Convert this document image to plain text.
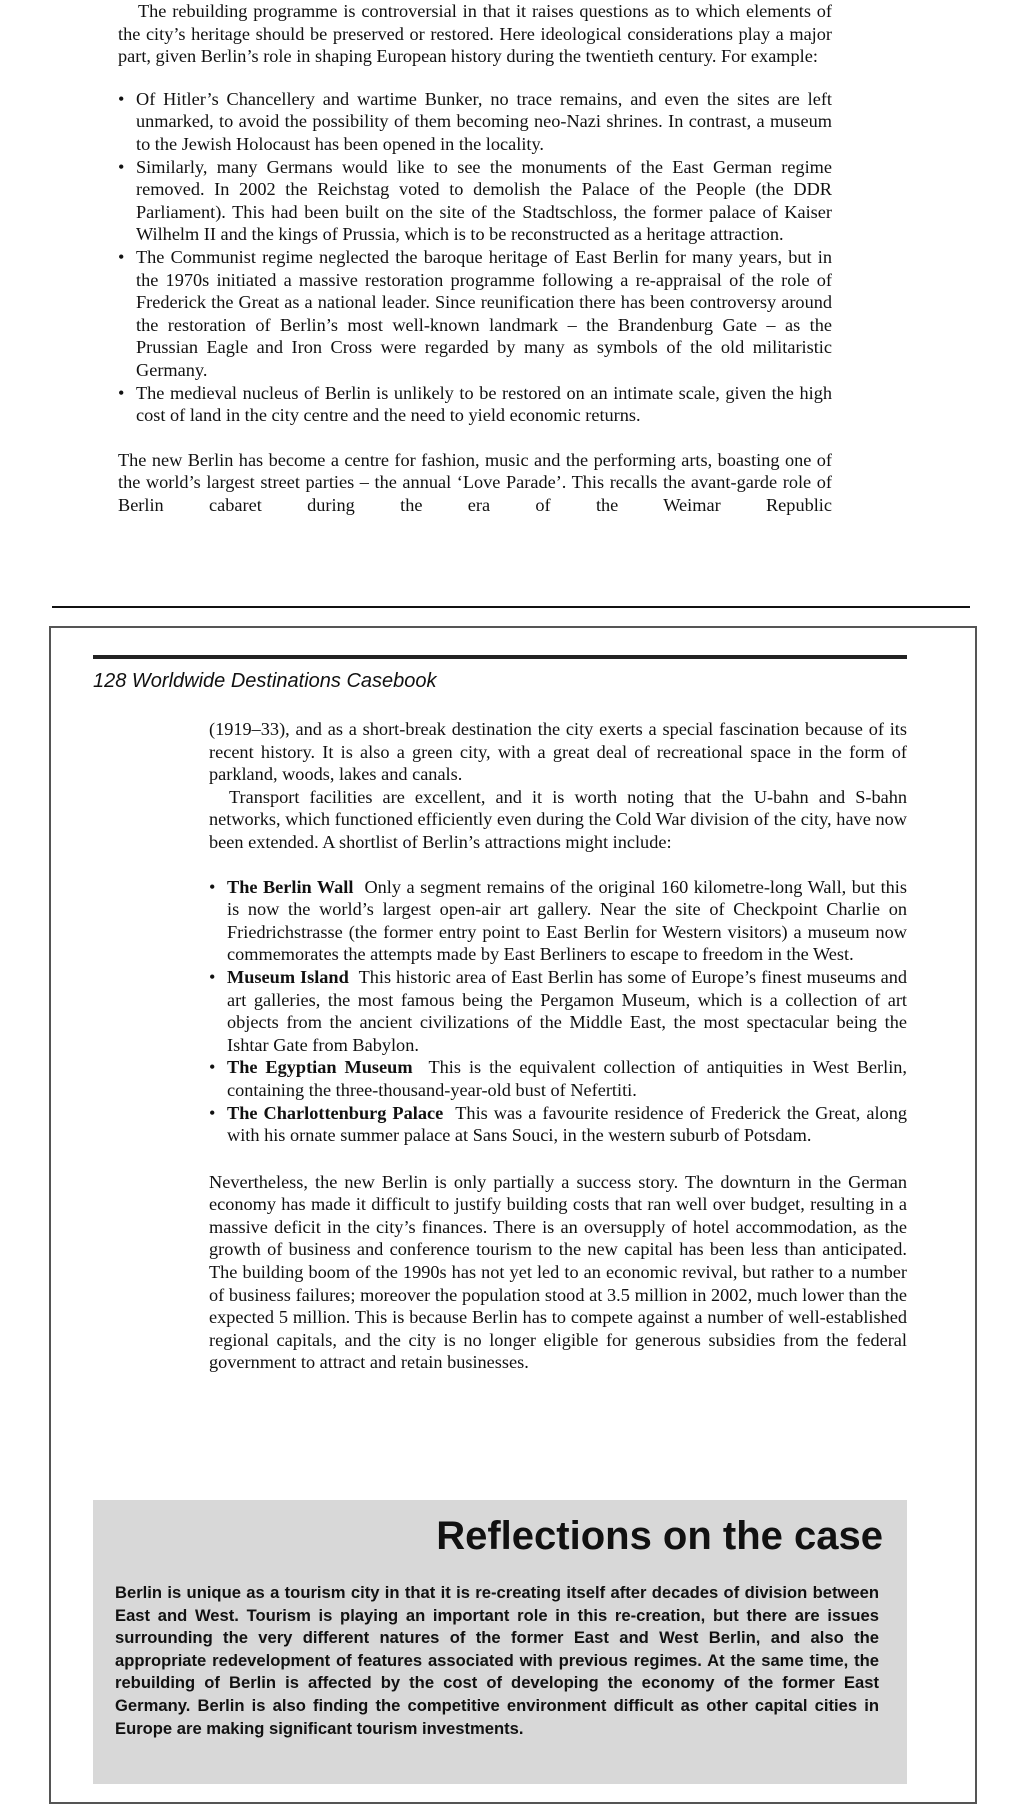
The rebuilding programme is controversial in that it raises questions as to which elements of the city’s heritage should be preserved or restored. Here ideological considerations play a major part, given Berlin’s role in shaping European history during the twentieth century. For example:

• Of Hitler’s Chancellery and wartime Bunker, no trace remains, and even the sites are left unmarked, to avoid the possibility of them becoming neo-Nazi shrines. In contrast, a museum to the Jewish Holocaust has been opened in the locality.
• Similarly, many Germans would like to see the monuments of the East German regime removed. In 2002 the Reichstag voted to demolish the Palace of the People (the DDR Parliament). This had been built on the site of the Stadtschloss, the former palace of Kaiser Wilhelm II and the kings of Prussia, which is to be reconstructed as a heritage attraction.
• The Communist regime neglected the baroque heritage of East Berlin for many years, but in the 1970s initiated a massive restoration programme following a re-appraisal of the role of Frederick the Great as a national leader. Since reunification there has been controversy around the restoration of Berlin’s most well-known landmark – the Brandenburg Gate – as the Prussian Eagle and Iron Cross were regarded by many as symbols of the old militaristic Germany.
• The medieval nucleus of Berlin is unlikely to be restored on an intimate scale, given the high cost of land in the city centre and the need to yield economic returns.

The new Berlin has become a centre for fashion, music and the performing arts, boasting one of the world’s largest street parties – the annual ‘Love Parade’. This recalls the avant-garde role of Berlin cabaret during the era of the Weimar Republic

128 Worldwide Destinations Casebook

(1919–33), and as a short-break destination the city exerts a special fascination because of its recent history. It is also a green city, with a great deal of recreational space in the form of parkland, woods, lakes and canals.

Transport facilities are excellent, and it is worth noting that the U-bahn and S-bahn networks, which functioned efficiently even during the Cold War division of the city, have now been extended. A shortlist of Berlin’s attractions might include:

• The Berlin Wall Only a segment remains of the original 160 kilometre-long Wall, but this is now the world’s largest open-air art gallery. Near the site of Checkpoint Charlie on Friedrichstrasse (the former entry point to East Berlin for Western visitors) a museum now commemorates the attempts made by East Berliners to escape to freedom in the West.
• Museum Island This historic area of East Berlin has some of Europe’s finest museums and art galleries, the most famous being the Pergamon Museum, which is a collection of art objects from the ancient civilizations of the Middle East, the most spectacular being the Ishtar Gate from Babylon.
• The Egyptian Museum This is the equivalent collection of antiquities in West Berlin, containing the three-thousand-year-old bust of Nefertiti.
• The Charlottenburg Palace This was a favourite residence of Frederick the Great, along with his ornate summer palace at Sans Souci, in the western suburb of Potsdam.

Nevertheless, the new Berlin is only partially a success story. The downturn in the German economy has made it difficult to justify building costs that ran well over budget, resulting in a massive deficit in the city’s finances. There is an oversupply of hotel accommodation, as the growth of business and conference tourism to the new capital has been less than anticipated. The building boom of the 1990s has not yet led to an economic revival, but rather to a number of business failures; moreover the population stood at 3.5 million in 2002, much lower than the expected 5 million. This is because Berlin has to compete against a number of well-established regional capitals, and the city is no longer eligible for generous subsidies from the federal government to attract and retain businesses.

Reflections on the case

Berlin is unique as a tourism city in that it is re-creating itself after decades of division between East and West. Tourism is playing an important role in this re-creation, but there are issues surrounding the very different natures of the former East and West Berlin, and also the appropriate redevelopment of features associated with previous regimes. At the same time, the rebuilding of Berlin is affected by the cost of developing the economy of the former East Germany. Berlin is also finding the competitive environment difficult as other capital cities in Europe are making significant tourism investments.
